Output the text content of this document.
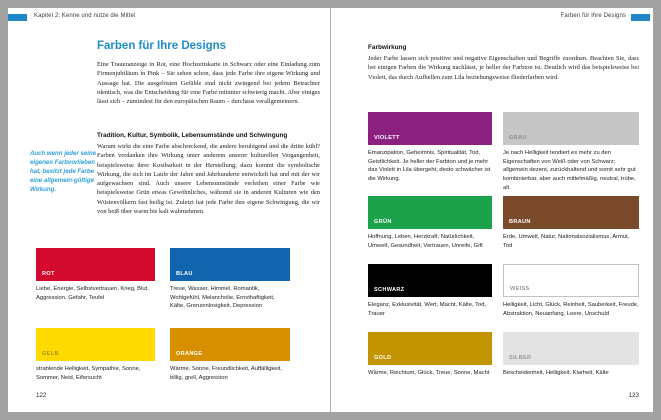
Kapitel 2: Kenne und nutze die Mittel
Farben für Ihre Designs
Eine Traueranzeige in Rot, eine Hochzeitskarte in Schwarz oder eine Einladung zum Firmenjubiläum in Pink – Sie sehen schon, dass jede Farbe ihre eigene Wirkung und Aussage hat. Die ausgelösten Gefühle sind nicht zwingend bei jedem Betrachter identisch, was die Entscheidung für eine Farbe mitunter schwierig macht. Aber einiges lässt sich – zumindest für den europäischen Raum – durchaus verallgemeinern.
Tradition, Kultur, Symbolik, Lebensumstände und Schwingung
Warum wirkt die eine Farbe abschreckend, die andere beruhigend und die dritte kühl? Farben verdanken ihre Wirkung unter anderem unserer kulturellen Vergangenheit, beispielsweise ihrer Kostbarkeit in der Herstellung; dazu kommt die symbolische Wirkung, die sich im Laufe der Jahre und Jahrhunderte entwickelt hat und mit der wir aufgewachsen sind. Auch unsere Lebensumstände verleihen einer Farbe wie beispielsweise Grün etwas Gewöhnliches, während sie in anderen Kulturen wie den Wüstenvölkern fast heilig ist. Zuletzt hat jede Farbe ihre eigene Schwingung, die wir von heiß über warm bis kalt wahrnehmen.
Auch wenn jeder seine eigenen Farbvorlieben hat, besitzt jede Farbe eine allgemein-gültige Wirkung.
ROT
Liebe, Energie, Selbstvertrauen, Krieg, Blut, Aggression, Gefahr, Teufel
BLAU
Treue, Wasser, Himmel, Romantik, Wohlgefühl, Melancholie, Ernsthaftigkeit, Kälte, Grenzenlosigkeit, Depression
GELB
strahlende Helligkeit, Sympathie, Sonne, Sommer, Neid, Eifersucht
ORANGE
Wärme, Sonne, Freundlichkeit, Auffälligkeit, billig, grell, Aggression
122
Farben für Ihre Designs
Farbwirkung
Jeder Farbe lassen sich positive und negative Eigenschaften und Begriffe zuordnen. Beachten Sie, dass bei einigen Farben die Wirkung nachlässt, je heller der Farbton ist. Deutlich wird das beispielsweise bei Violett, das durch Aufhellen zum Lila beziehungsweise fliederfarben wird.
VIOLETT
Emanzipation, Geheimnis, Spiritualität, Tod, Geistlichkeit. Je heller der Farbton und je mehr das Violett in Lila übergeht, desto schwächer ist die Wirkung.
GRAU
Je nach Helligkeit tendiert es mehr zu den Eigenschaften von Weiß oder von Schwarz; allgemein dezent, zurückhaltend und somit sehr gut kombinierbar, aber auch mittelmäßig, neutral, trübe, alt.
GRÜN
Hoffnung, Leben, Herzkraft, Natürlichkeit, Umwelt, Gesundheit, Vertrauen, Unreife, Gift
BRAUN
Erde, Umwelt, Natur, Nationalsozialismus, Armut, Tod
SCHWARZ
Eleganz, Exklusivität, Wert, Macht, Kälte, Tod, Trauer
WEISS
Helligkeit, Licht, Glück, Reinheit, Sauberkeit, Freude, Abstraktion, Neuanfang, Leere, Unschuld
GOLD
Wärme, Reichtum, Glück, Treue, Sonne, Macht
SILBER
Bescheidenheit, Helligkeit, Klarheit, Kälte
123
